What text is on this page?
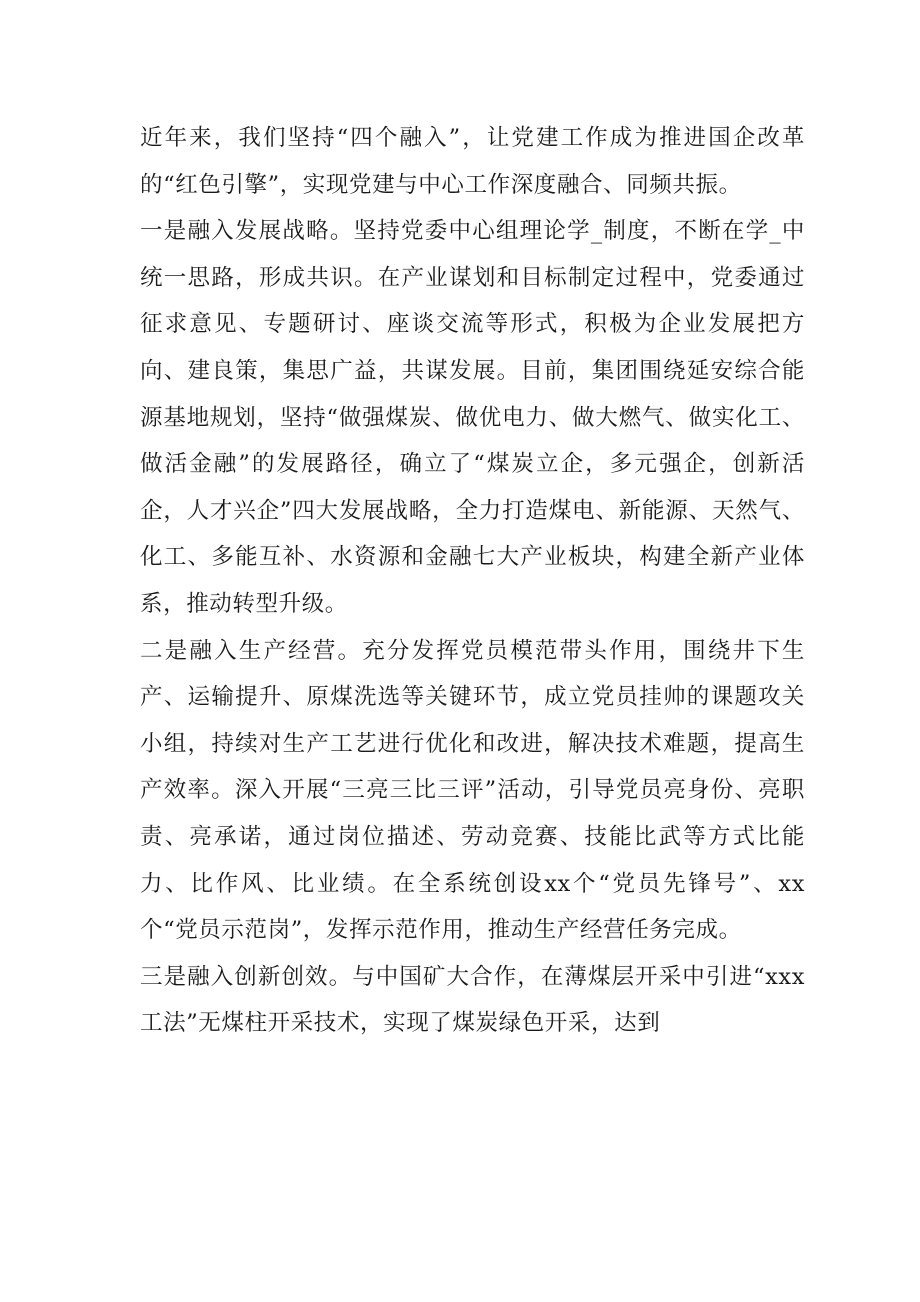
近年来，我们坚持“四个融入”，让党建工作成为推进国企改革的“红色引擎”，实现党建与中心工作深度融合、同频共振。

一是融入发展战略。坚持党委中心组理论学_制度，不断在学_中统一思路，形成共识。在产业谋划和目标制定过程中，党委通过征求意见、专题研讨、座谈交流等形式，积极为企业发展把方向、建良策，集思广益，共谋发展。目前，集团围绕延安综合能源基地规划，坚持“做强煤炭、做优电力、做大燃气、做实化工、做活金融”的发展路径，确立了“煤炭立企，多元强企，创新活企，人才兴企”四大发展战略，全力打造煤电、新能源、天然气、化工、多能互补、水资源和金融七大产业板块，构建全新产业体系，推动转型升级。

二是融入生产经营。充分发挥党员模范带头作用，围绕井下生产、运输提升、原煤洗选等关键环节，成立党员挂帅的课题攻关小组，持续对生产工艺进行优化和改进，解决技术难题，提高生产效率。深入开展“三亮三比三评”活动，引导党员亮身份、亮职责、亮承诺，通过岗位描述、劳动竞赛、技能比武等方式比能力、比作风、比业绩。在全系统创设xx个“党员先锋号”、xx个“党员示范岗”，发挥示范作用，推动生产经营任务完成。

三是融入创新创效。与中国矿大合作，在薄煤层开采中引进“xxx工法”无煤柱开采技术，实现了煤炭绿色开采，达到
